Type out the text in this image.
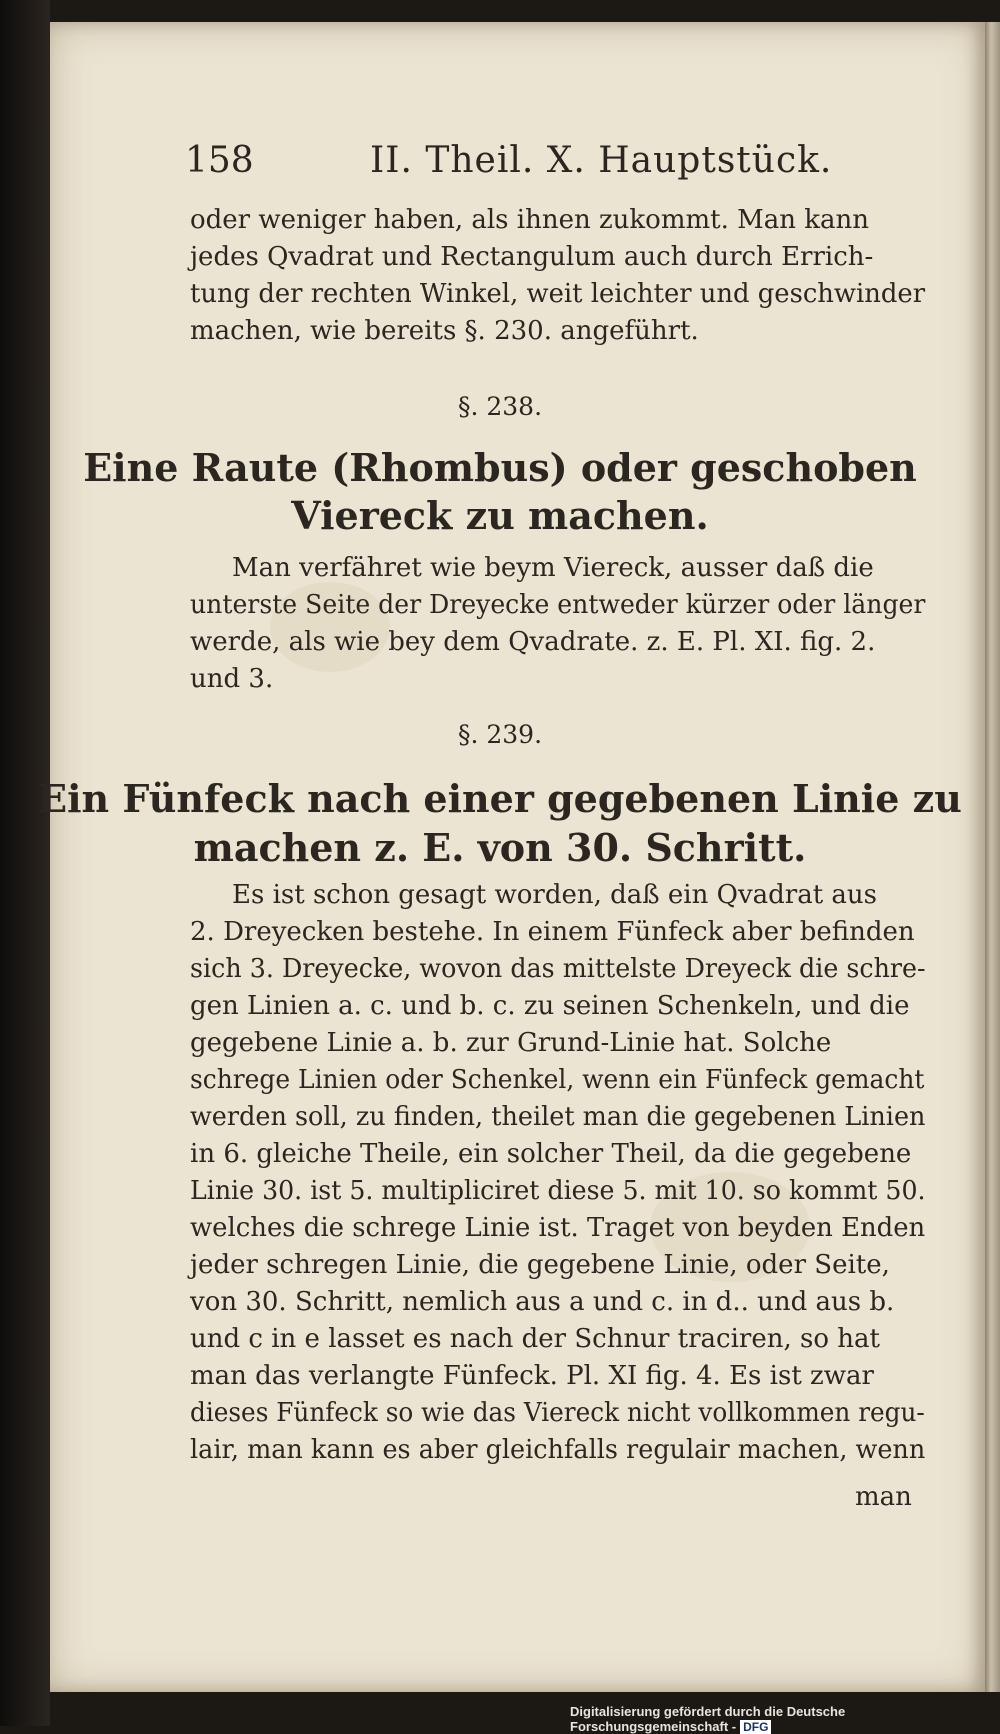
158	II. Theil. X. Hauptstück.
oder weniger haben, als ihnen zukommt. Man kann
jedes Qvadrat und Rectangulum auch durch Errich-
tung der rechten Winkel, weit leichter und geschwinder
machen, wie bereits §. 230. angeführt.
§. 238.
Eine Raute (Rhombus) oder geschoben
Viereck zu machen.
Man verfähret wie beym Viereck, ausser daß die
unterste Seite der Dreyecke entweder kürzer oder länger
werde, als wie bey dem Qvadrate. z. E. Pl. XI. fig. 2.
und 3.
§. 239.
Ein Fünfeck nach einer gegebenen Linie zu
machen z. E. von 30. Schritt.
Es ist schon gesagt worden, daß ein Qvadrat aus
2. Dreyecken bestehe. In einem Fünfeck aber befinden
sich 3. Dreyecke, wovon das mittelste Dreyeck die schre-
gen Linien a. c. und b. c. zu seinen Schenkeln, und die
gegebene Linie a. b. zur Grund-Linie hat. Solche
schrege Linien oder Schenkel, wenn ein Fünfeck gemacht
werden soll, zu finden, theilet man die gegebenen Linien
in 6. gleiche Theile, ein solcher Theil, da die gegebene
Linie 30. ist 5. multipliciret diese 5. mit 10. so kommt 50.
welches die schrege Linie ist. Traget von beyden Enden
jeder schregen Linie, die gegebene Linie, oder Seite,
von 30. Schritt, nemlich aus a und c. in d.. und aus b.
und c in e lasset es nach der Schnur traciren, so hat
man das verlangte Fünfeck. Pl. XI fig. 4. Es ist zwar
dieses Fünfeck so wie das Viereck nicht vollkommen regu-
lair, man kann es aber gleichfalls regulair machen, wenn
man
Digitalisierung gefördert durch die Deutsche Forschungsgemeinschaft - DFG
